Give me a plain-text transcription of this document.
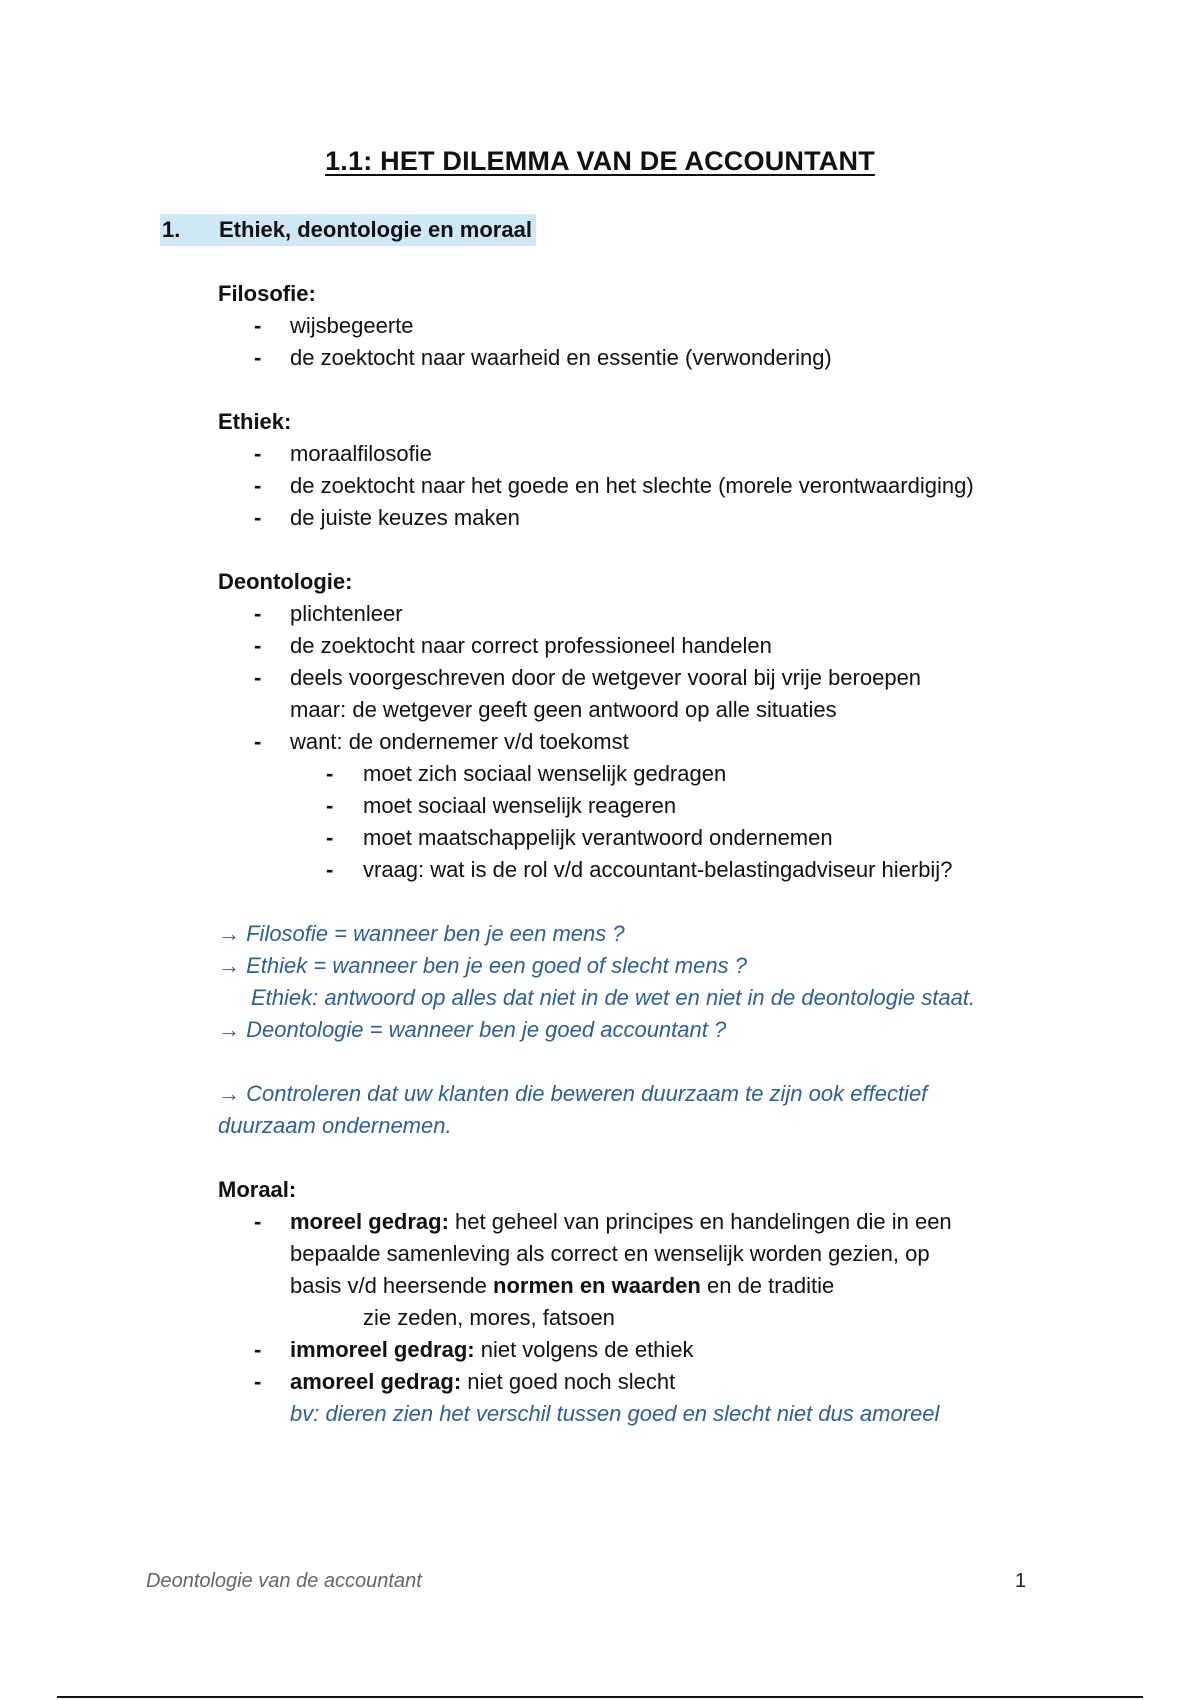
1.1: HET DILEMMA VAN DE ACCOUNTANT
1.	Ethiek, deontologie en moraal
Filosofie:
- wijsbegeerte
- de zoektocht naar waarheid en essentie (verwondering)
Ethiek:
- moraalfilosofie
- de zoektocht naar het goede en het slechte (morele verontwaardiging)
- de juiste keuzes maken
Deontologie:
- plichtenleer
- de zoektocht naar correct professioneel handelen
- deels voorgeschreven door de wetgever vooral bij vrije beroepen
maar: de wetgever geeft geen antwoord op alle situaties
- want: de ondernemer v/d toekomst
- moet zich sociaal wenselijk gedragen
- moet sociaal wenselijk reageren
- moet maatschappelijk verantwoord ondernemen
- vraag: wat is de rol v/d accountant-belastingadviseur hierbij?
→ Filosofie = wanneer ben je een mens ?
→ Ethiek = wanneer ben je een goed of slecht mens ?
Ethiek: antwoord op alles dat niet in de wet en niet in de deontologie staat.
→ Deontologie = wanneer ben je goed accountant ?
→ Controleren dat uw klanten die beweren duurzaam te zijn ook effectief
duurzaam ondernemen.
Moraal:
- moreel gedrag: het geheel van principes en handelingen die in een
bepaalde samenleving als correct en wenselijk worden gezien, op
basis v/d heersende normen en waarden en de traditie
zie zeden, mores, fatsoen
- immoreel gedrag: niet volgens de ethiek
- amoreel gedrag: niet goed noch slecht
bv: dieren zien het verschil tussen goed en slecht niet dus amoreel
Deontologie van de accountant	1
